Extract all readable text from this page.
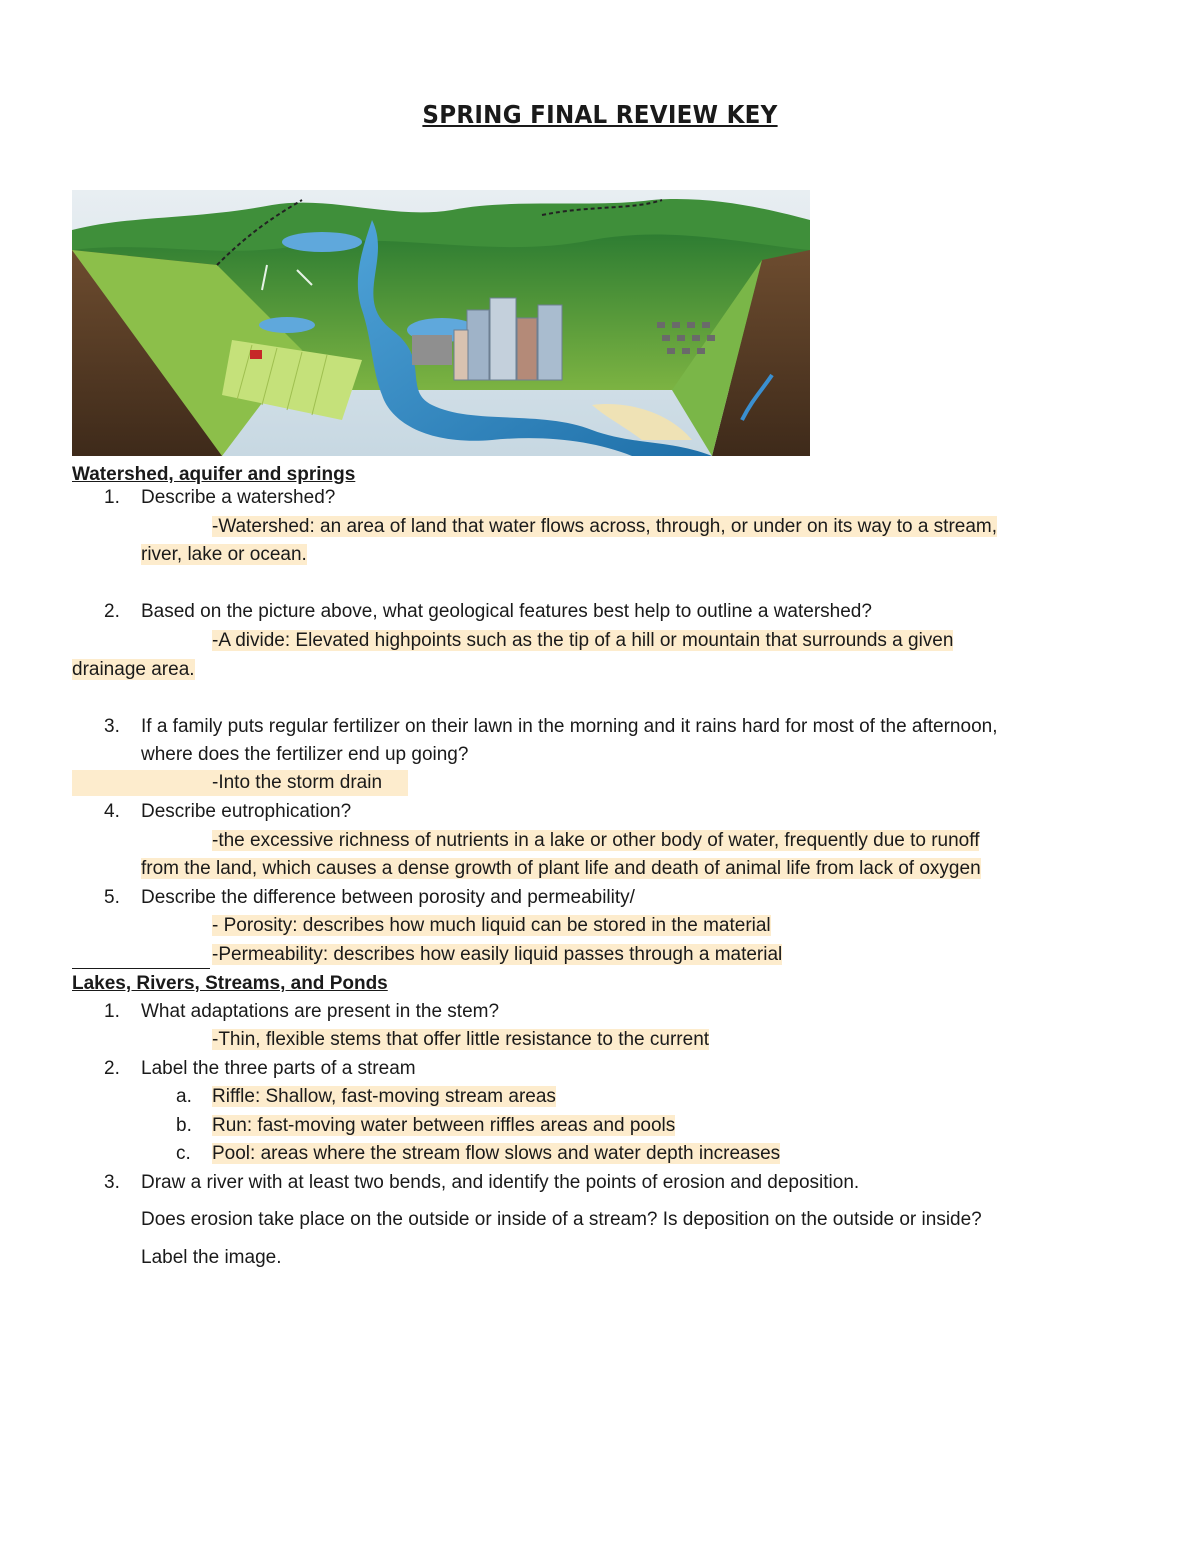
SPRING FINAL REVIEW KEY
Watershed, aquifer and springs
1. Describe a watershed?
-Watershed: an area of land that water flows across, through, or under on its way to a stream,
river, lake or ocean.
2. Based on the picture above, what geological features best help to outline a watershed?
-A divide: Elevated highpoints such as the tip of a hill or mountain that surrounds a given
drainage area.
3. If a family puts regular fertilizer on their lawn in the morning and it rains hard for most of the afternoon,
where does the fertilizer end up going?
-Into the storm drain
4. Describe eutrophication?
-the excessive richness of nutrients in a lake or other body of water, frequently due to runoff
from the land, which causes a dense growth of plant life and death of animal life from lack of oxygen
5. Describe the difference between porosity and permeability/
- Porosity: describes how much liquid can be stored in the material
-Permeability: describes how easily liquid passes through a material
Lakes, Rivers, Streams, and Ponds
1. What adaptations are present in the stem?
-Thin, flexible stems that offer little resistance to the current
2. Label the three parts of a stream
a. Riffle: Shallow, fast-moving stream areas
b. Run: fast-moving water between riffles areas and pools
c. Pool: areas where the stream flow slows and water depth increases
3. Draw a river with at least two bends, and identify the points of erosion and deposition.
Does erosion take place on the outside or inside of a stream? Is deposition on the outside or inside?
Label the image.
